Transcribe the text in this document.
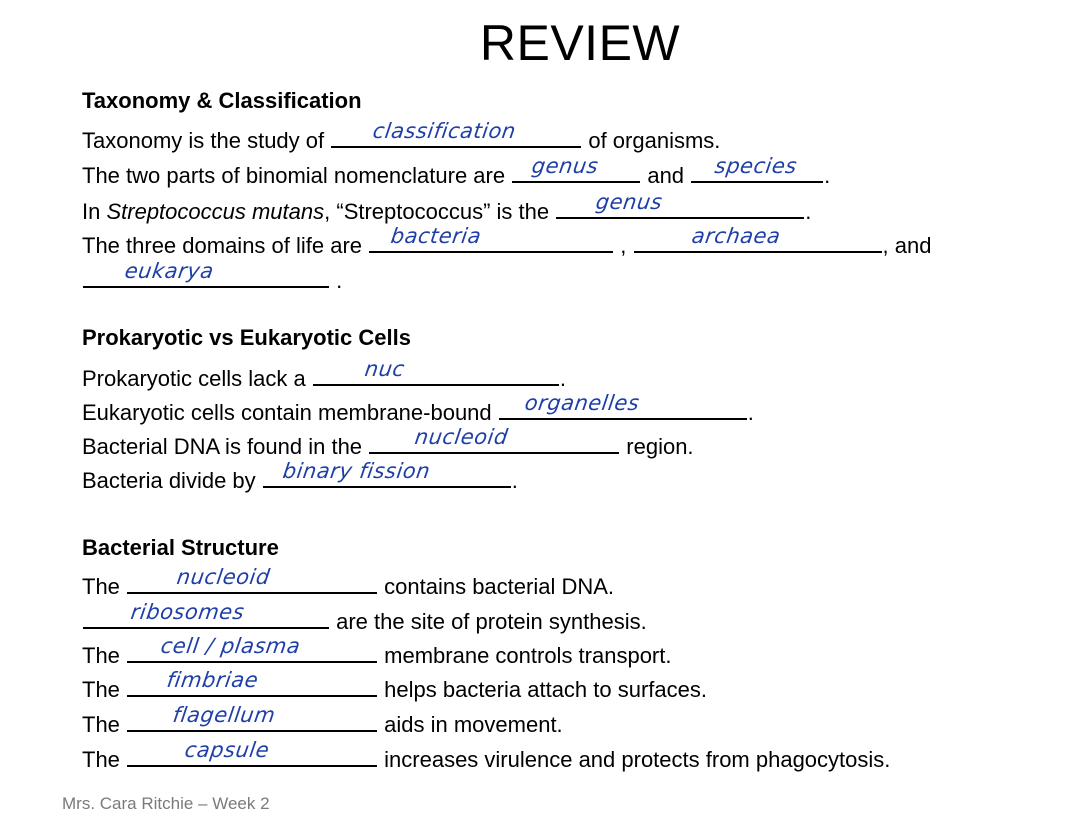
REVIEW
Taxonomy & Classification
Taxonomy is the study of classification	of organisms.
The two parts of binomial nomenclature are genus and species .
In Streptococcus mutans, “Streptococcus” is the genus	.
The three domains of life are bacteria	,	archaea	, and
eukarya	.
Prokaryotic vs Eukaryotic Cells
Prokaryotic cells lack a nuc	.
Eukaryotic cells contain membrane-bound organelles	.
Bacterial DNA is found in the nucleoid	region.
Bacteria divide by binary fission	.
Bacterial Structure
The nucleoid	contains bacterial DNA.
ribosomes	are the site of protein synthesis.
The cell / plasma	membrane controls transport.
The fimbriae	helps bacteria attach to surfaces.
The flagellum	aids in movement.
The	capsule	increases virulence and protects from phagocytosis.
Mrs. Cara Ritchie – Week 2
